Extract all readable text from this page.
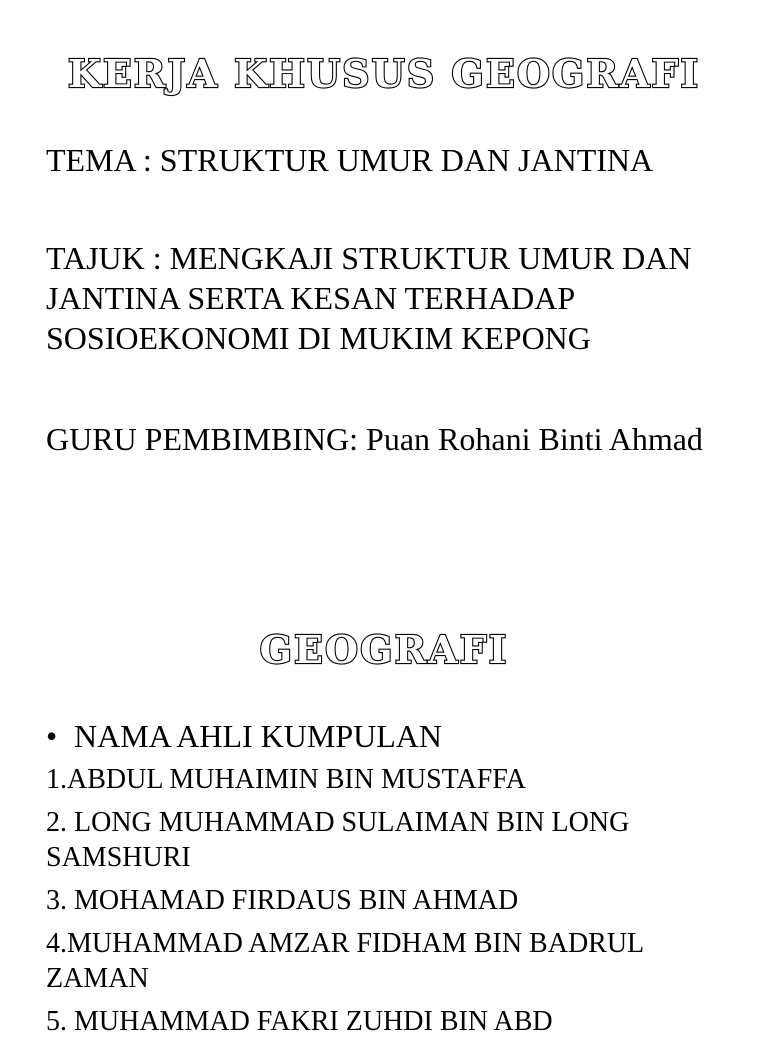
KERJA KHUSUS GEOGRAFI

TEMA : STRUKTUR UMUR DAN JANTINA

TAJUK : MENGKAJI STRUKTUR UMUR DAN JANTINA SERTA KESAN TERHADAP SOSIOEKONOMI DI MUKIM KEPONG

GURU PEMBIMBING: Puan Rohani Binti Ahmad

GEOGRAFI
• NAMA AHLI KUMPULAN
1.ABDUL MUHAIMIN BIN MUSTAFFA
2. LONG MUHAMMAD SULAIMAN BIN LONG SAMSHURI
3. MOHAMAD FIRDAUS BIN AHMAD
4.MUHAMMAD AMZAR FIDHAM BIN BADRUL ZAMAN
5. MUHAMMAD FAKRI ZUHDI BIN ABD
